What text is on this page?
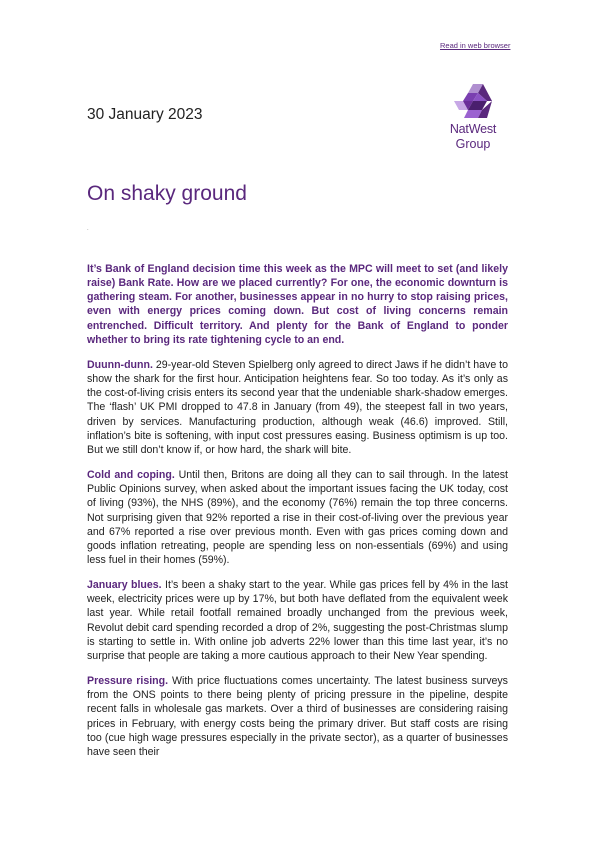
Read in web browser
30 January 2023
NatWest
Group
On shaky ground
.

It’s Bank of England decision time this week as the MPC will meet to set (and likely raise) Bank Rate. How are we placed currently? For one, the economic downturn is gathering steam. For another, businesses appear in no hurry to stop raising prices, even with energy prices coming down. But cost of living concerns remain entrenched. Difficult territory. And plenty for the Bank of England to ponder whether to bring its rate tightening cycle to an end.

Duunn-dunn. 29-year-old Steven Spielberg only agreed to direct Jaws if he didn’t have to show the shark for the first hour. Anticipation heightens fear. So too today. As it’s only as the cost-of-living crisis enters its second year that the undeniable shark-shadow emerges. The ‘flash’ UK PMI dropped to 47.8 in January (from 49), the steepest fall in two years, driven by services. Manufacturing production, although weak (46.6) improved. Still, inflation’s bite is softening, with input cost pressures easing. Business optimism is up too. But we still don’t know if, or how hard, the shark will bite.

Cold and coping. Until then, Britons are doing all they can to sail through. In the latest Public Opinions survey, when asked about the important issues facing the UK today, cost of living (93%), the NHS (89%), and the economy (76%) remain the top three concerns. Not surprising given that 92% reported a rise in their cost-of-living over the previous year and 67% reported a rise over previous month. Even with gas prices coming down and goods inflation retreating, people are spending less on non-essentials (69%) and using less fuel in their homes (59%).

January blues. It’s been a shaky start to the year. While gas prices fell by 4% in the last week, electricity prices were up by 17%, but both have deflated from the equivalent week last year. While retail footfall remained broadly unchanged from the previous week, Revolut debit card spending recorded a drop of 2%, suggesting the post-Christmas slump is starting to settle in. With online job adverts 22% lower than this time last year, it’s no surprise that people are taking a more cautious approach to their New Year spending.

Pressure rising. With price fluctuations comes uncertainty. The latest business surveys from the ONS points to there being plenty of pricing pressure in the pipeline, despite recent falls in wholesale gas markets. Over a third of businesses are considering raising prices in February, with energy costs being the primary driver. But staff costs are rising too (cue high wage pressures especially in the private sector), as a quarter of businesses have seen their
